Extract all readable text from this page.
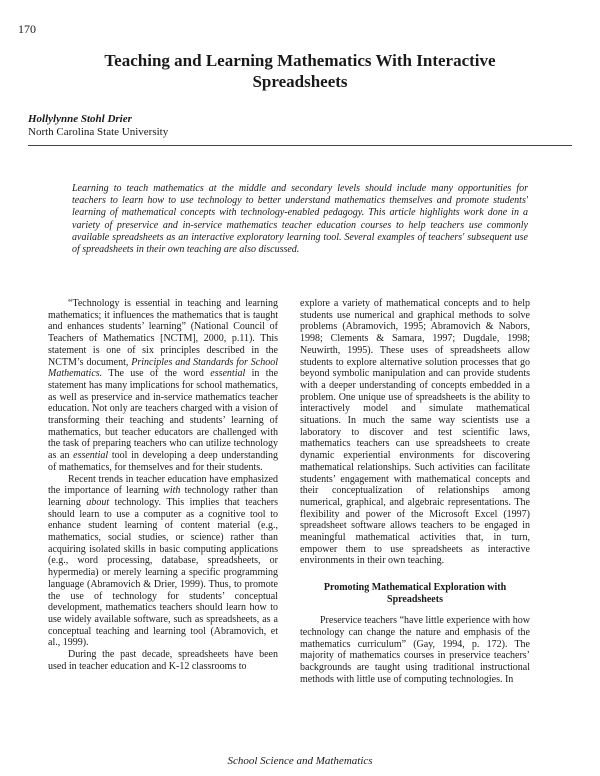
170
Teaching and Learning Mathematics With Interactive Spreadsheets
Hollylynne Stohl Drier
North Carolina State University

Learning to teach mathematics at the middle and secondary levels should include many opportunities for teachers to learn how to use technology to better understand mathematics themselves and promote students' learning of mathematical concepts with technology-enabled pedagogy. This article highlights work done in a variety of preservice and in-service mathematics teacher education courses to help teachers use commonly available spreadsheets as an interactive exploratory learning tool. Several examples of teachers' subsequent use of spreadsheets in their own teaching are also discussed.

“Technology is essential in teaching and learning mathematics; it influences the mathematics that is taught and enhances students’ learning” (National Council of Teachers of Mathematics [NCTM], 2000, p.11). This statement is one of six principles described in the NCTM’s document, Principles and Standards for School Mathematics. The use of the word essential in the statement has many implications for school mathematics, as well as preservice and in-service mathematics teacher education. Not only are teachers charged with a vision of transforming their teaching and students’ learning of mathematics, but teacher educators are challenged with the task of preparing teachers who can utilize technology as an essential tool in developing a deep understanding of mathematics, for themselves and for their students.

Recent trends in teacher education have emphasized the importance of learning with technology rather than learning about technology. This implies that teachers should learn to use a computer as a cognitive tool to enhance student learning of content material (e.g., mathematics, social studies, or science) rather than acquiring isolated skills in basic computing applications (e.g., word processing, database, spreadsheets, or hypermedia) or merely learning a specific programming language (Abramovich & Drier, 1999). Thus, to promote the use of technology for students’ conceptual development, mathematics teachers should learn how to use widely available software, such as spreadsheets, as a conceptual teaching and learning tool (Abramovich, et al., 1999).

During the past decade, spreadsheets have been used in teacher education and K-12 classrooms to

explore a variety of mathematical concepts and to help students use numerical and graphical methods to solve problems (Abramovich, 1995; Abramovich & Nabors, 1998; Clements & Samara, 1997; Dugdale, 1998; Neuwirth, 1995). These uses of spreadsheets allow students to explore alternative solution processes that go beyond symbolic manipulation and can provide students with a deeper understanding of concepts embedded in a problem. One unique use of spreadsheets is the ability to interactively model and simulate mathematical situations. In much the same way scientists use a laboratory to discover and test scientific laws, mathematics teachers can use spreadsheets to create dynamic experiential environments for discovering mathematical relationships. Such activities can facilitate students’ engagement with mathematical concepts and their conceptualization of relationships among numerical, graphical, and algebraic representations. The flexibility and power of the Microsoft Excel (1997) spreadsheet software allows teachers to be engaged in meaningful mathematical activities that, in turn, empower them to use spreadsheets as interactive environments in their own teaching.

Promoting Mathematical Exploration with Spreadsheets

Preservice teachers “have little experience with how technology can change the nature and emphasis of the mathematics curriculum” (Gay, 1994, p. 172). The majority of mathematics courses in preservice teachers’ backgrounds are taught using traditional instructional methods with little use of computing technologies. In

School Science and Mathematics
